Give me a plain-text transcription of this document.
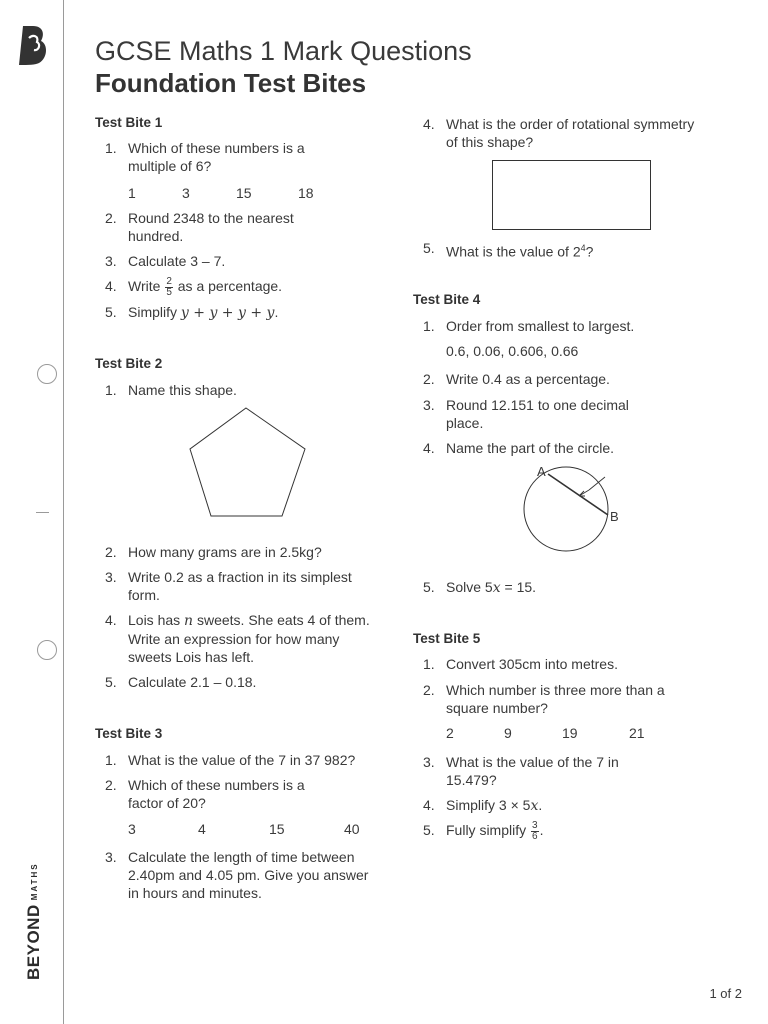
BEYONDMATHS
GCSE Maths 1 Mark Questions
Foundation Test Bites
Test Bite 1
1. Which of these numbers is a
multiple of 6?
1	3	15	18
2. Round 2348 to the nearest
hundred.
3. Calculate 3 – 7.
4. Write $\frac{2}{5}$ as a percentage.
5. Simplify y + y + y + y.
Test Bite 2
1. Name this shape.
2. How many grams are in 2.5kg?
3. Write 0.2 as a fraction in its simplest
form.
4. Lois has n sweets. She eats 4 of them.
Write an expression for how many
sweets Lois has left.
5. Calculate 2.1 – 0.18.
Test Bite 3
1. What is the value of the 7 in 37 982?
2. Which of these numbers is a
factor of 20?
3	4	15	40
3. Calculate the length of time between
2.40pm and 4.05 pm. Give you answer
in hours and minutes.
4. What is the order of rotational symmetry
of this shape?
5. What is the value of $2^4$?
Test Bite 4
1. Order from smallest to largest.
0.6, 0.06, 0.606, 0.66
2. Write 0.4 as a percentage.
3. Round 12.151 to one decimal
place.
4. Name the part of the circle.
A
B
5. Solve 5x = 15.
Test Bite 5
1. Convert 305cm into metres.
2. Which number is three more than a
square number?
2	9	19	21
3. What is the value of the 7 in
15.479?
4. Simplify 3 × 5x.
5. Fully simplify $\frac{3}{6}$ .
1 of 2
